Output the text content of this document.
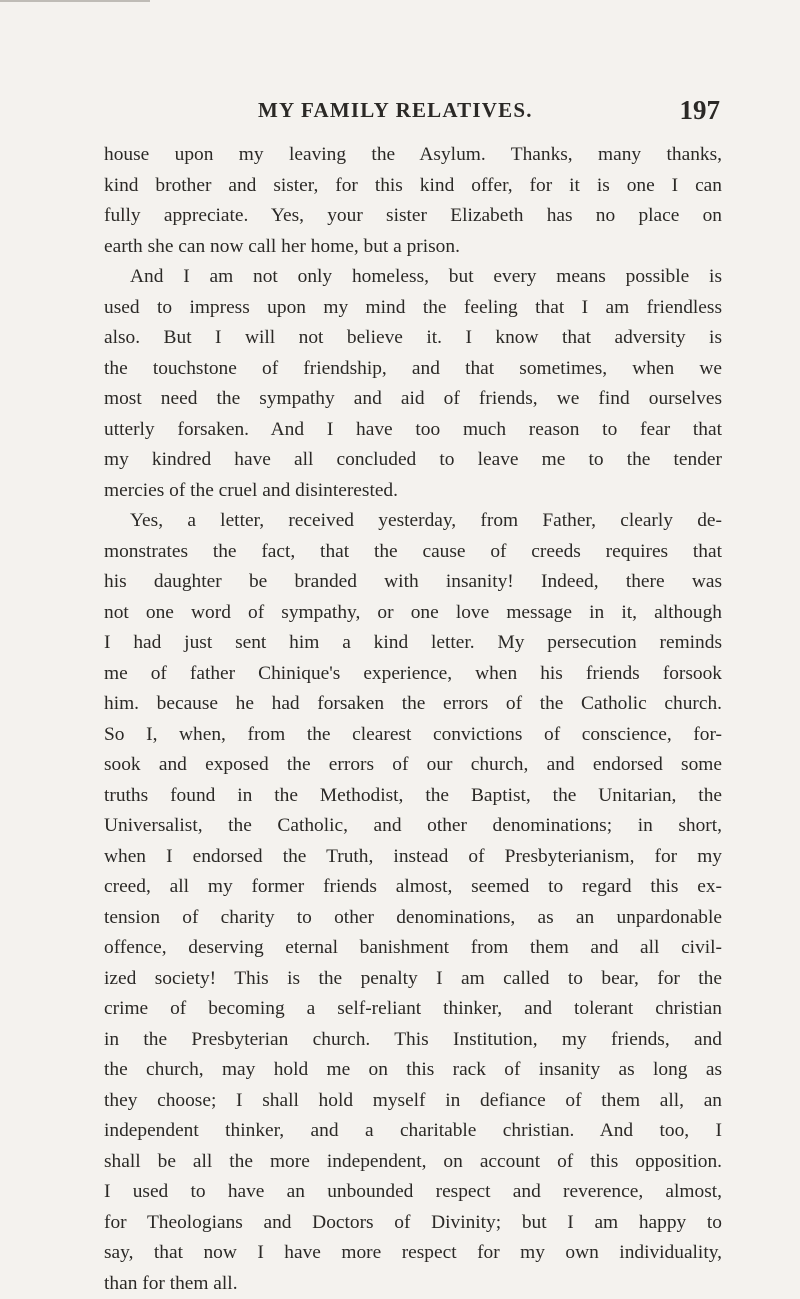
MY FAMILY RELATIVES.	197
house upon my leaving the Asylum. Thanks, many thanks,
kind brother and sister, for this kind offer, for it is one I can
fully appreciate. Yes, your sister Elizabeth has no place on
earth she can now call her home, but a prison.
And I am not only homeless, but every means possible is
used to impress upon my mind the feeling that I am friendless
also. But I will not believe it. I know that adversity is
the touchstone of friendship, and that sometimes, when we
most need the sympathy and aid of friends, we find ourselves
utterly forsaken. And I have too much reason to fear that
my kindred have all concluded to leave me to the tender
mercies of the cruel and disinterested.
Yes, a letter, received yesterday, from Father, clearly de-
monstrates the fact, that the cause of creeds requires that
his daughter be branded with insanity! Indeed, there was
not one word of sympathy, or one love message in it, although
I had just sent him a kind letter. My persecution reminds
me of father Chinique's experience, when his friends forsook
him. because he had forsaken the errors of the Catholic church.
So I, when, from the clearest convictions of conscience, for-
sook and exposed the errors of our church, and endorsed some
truths found in the Methodist, the Baptist, the Unitarian, the
Universalist, the Catholic, and other denominations; in short,
when I endorsed the Truth, instead of Presbyterianism, for my
creed, all my former friends almost, seemed to regard this ex-
tension of charity to other denominations, as an unpardonable
offence, deserving eternal banishment from them and all civil-
ized society! This is the penalty I am called to bear, for the
crime of becoming a self-reliant thinker, and tolerant christian
in the Presbyterian church. This Institution, my friends, and
the church, may hold me on this rack of insanity as long as
they choose; I shall hold myself in defiance of them all, an
independent thinker, and a charitable christian. And too, I
shall be all the more independent, on account of this opposition.
I used to have an unbounded respect and reverence, almost,
for Theologians and Doctors of Divinity; but I am happy to
say, that now I have more respect for my own individuality,
than for them all.
